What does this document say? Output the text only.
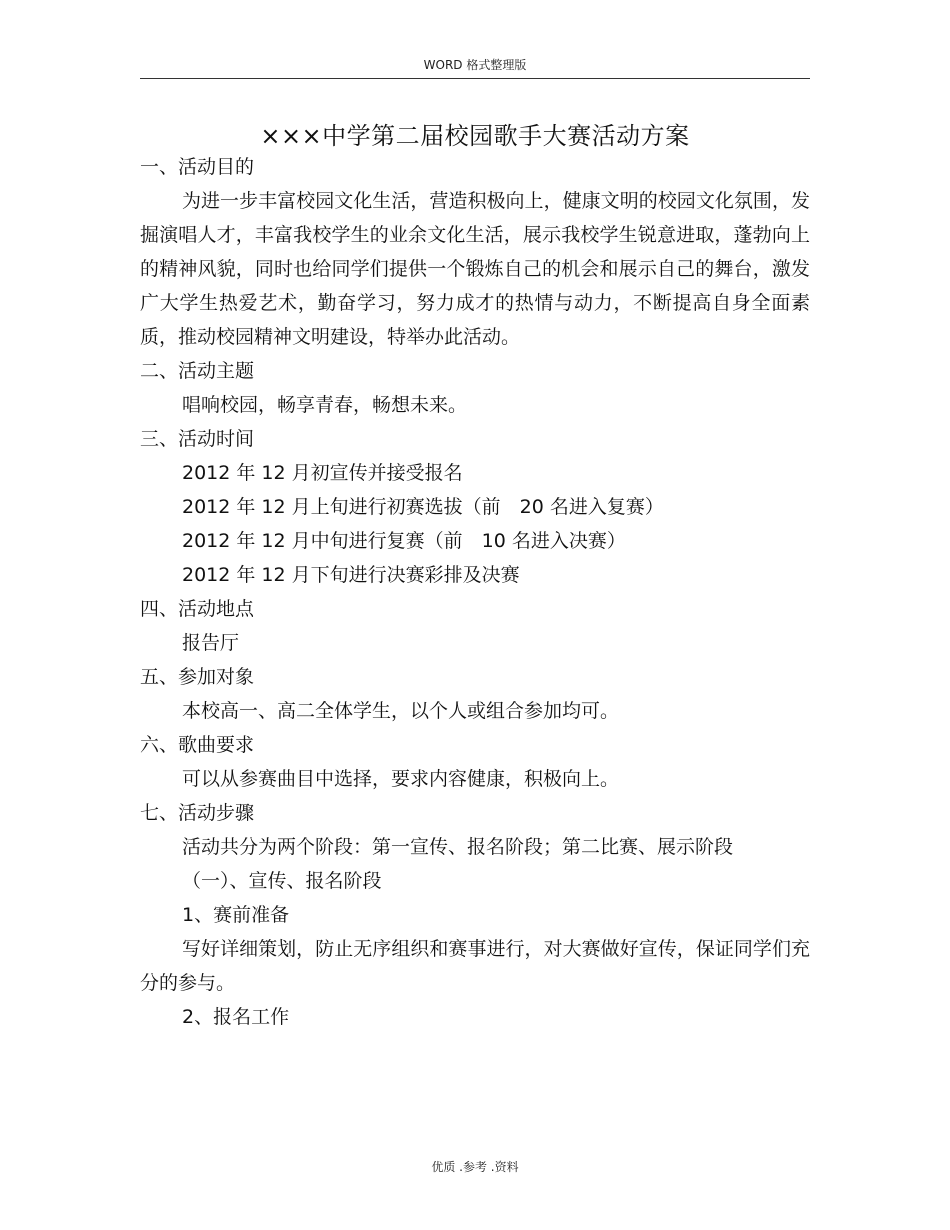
WORD 格式整理版
×××中学第二届校园歌手大赛活动方案
一、活动目的
为进一步丰富校园文化生活，营造积极向上，健康文明的校园文化氛围，发掘演唱人才，丰富我校学生的业余文化生活，展示我校学生锐意进取，蓬勃向上的精神风貌，同时也给同学们提供一个锻炼自己的机会和展示自己的舞台，激发广大学生热爱艺术，勤奋学习，努力成才的热情与动力，不断提高自身全面素质，推动校园精神文明建设，特举办此活动。
二、活动主题
唱响校园，畅享青春，畅想未来。
三、活动时间
2012 年 12 月初宣传并接受报名
2012 年 12 月上旬进行初赛选拔（前　20 名进入复赛）
2012 年 12 月中旬进行复赛（前　10 名进入决赛）
2012 年 12 月下旬进行决赛彩排及决赛
四、活动地点
报告厅
五、参加对象
本校高一、高二全体学生，以个人或组合参加均可。
六、歌曲要求
可以从参赛曲目中选择，要求内容健康，积极向上。
七、活动步骤
活动共分为两个阶段：第一宣传、报名阶段；第二比赛、展示阶段
（一）、宣传、报名阶段
1、赛前准备
写好详细策划，防止无序组织和赛事进行，对大赛做好宣传，保证同学们充分的参与。
2、报名工作
优质 .参考 .资料
